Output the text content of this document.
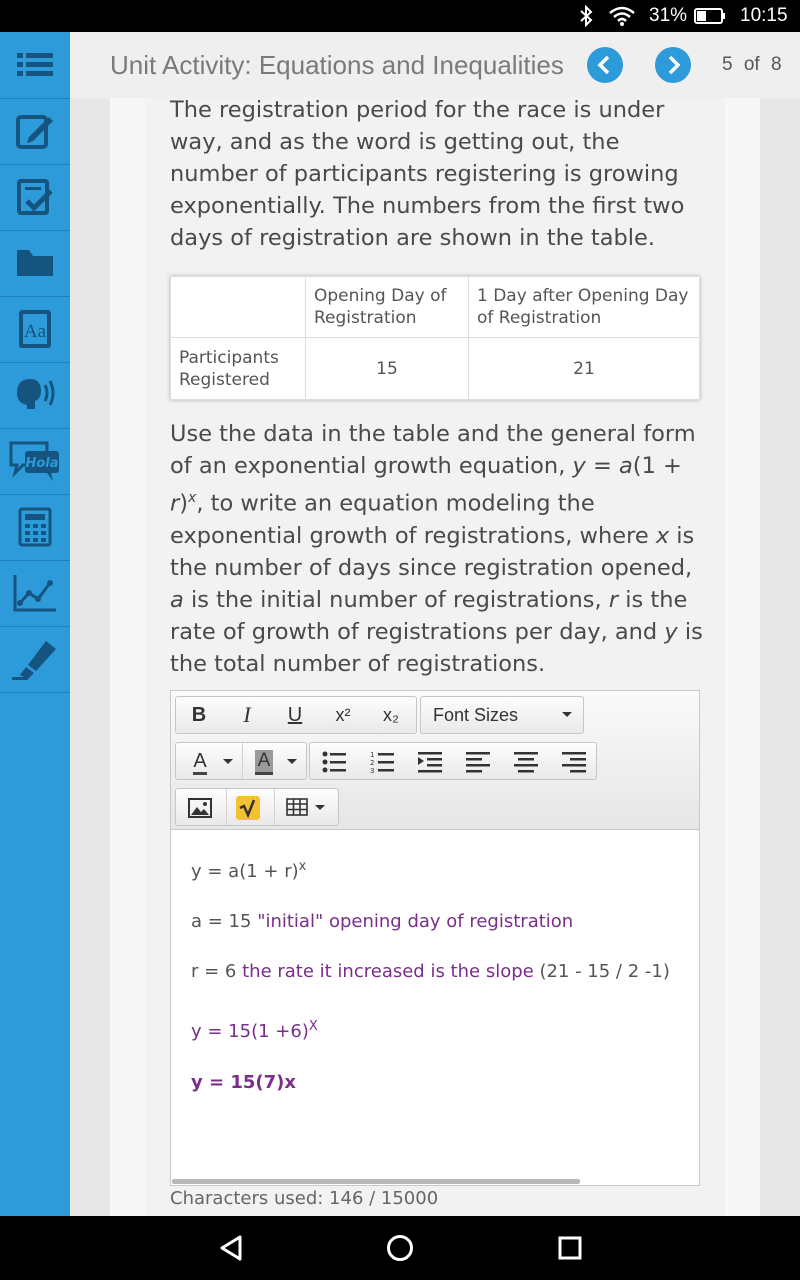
31%	10:15
Aa
Hola
Unit Activity: Equations and Inequalities	5 of 8
The registration period for the race is under way, and as the word is getting out, the number of participants registering is growing exponentially. The numbers from the first two days of registration are shown in the table.
	Opening Day of Registration	1 Day after Opening Day of Registration
Participants Registered	15	21
Use the data in the table and the general form of an exponential growth equation, $y = a(1 + r)^x$, to write an equation modeling the exponential growth of registrations, where x is the number of days since registration opened, a is the initial number of registrations, r is the rate of growth of registrations per day, and y is the total number of registrations.
B	I	U	x²	x₂	Font Sizes
A	A	1
2
3
$y = a(1 + r)^x$
a = 15 "initial" opening day of registration
r = 6 the rate it increased is the slope (21 - 15 / 2 -1)
$y = 15(1 +6)^X$
y = 15(7)x
Characters used: 146 / 15000
